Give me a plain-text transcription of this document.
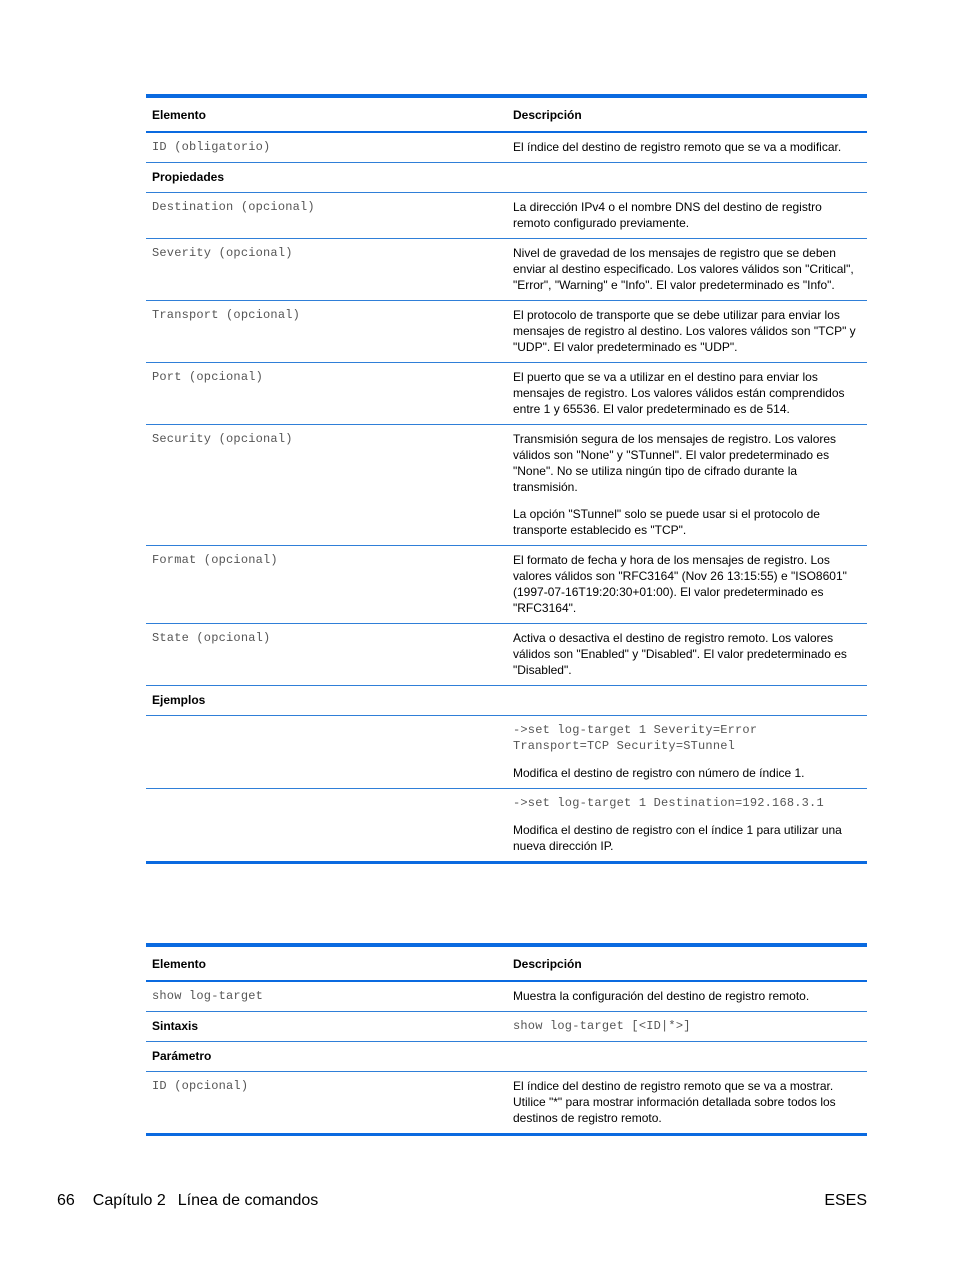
Elemento	Descripción
ID (obligatorio)	El índice del destino de registro remoto que se va a modificar.
Propiedades	
Destination (opcional)	La dirección IPv4 o el nombre DNS del destino de registro remoto configurado previamente.
Severity (opcional)	Nivel de gravedad de los mensajes de registro que se deben enviar al destino especificado. Los valores válidos son "Critical", "Error", "Warning" e "Info". El valor predeterminado es "Info".
Transport (opcional)	El protocolo de transporte que se debe utilizar para enviar los mensajes de registro al destino. Los valores válidos son "TCP" y "UDP". El valor predeterminado es "UDP".
Port (opcional)	El puerto que se va a utilizar en el destino para enviar los mensajes de registro. Los valores válidos están comprendidos entre 1 y 65536. El valor predeterminado es de 514.
Security (opcional)	Transmisión segura de los mensajes de registro. Los valores válidos son "None" y "STunnel". El valor predeterminado es "None". No se utiliza ningún tipo de cifrado durante la transmisión.

La opción "STunnel" solo se puede usar si el protocolo de transporte establecido es "TCP".

Format (opcional)	El formato de fecha y hora de los mensajes de registro. Los valores válidos son "RFC3164" (Nov 26 13:15:55) e "ISO8601" (1997-07-16T19:20:30+01:00). El valor predeterminado es "RFC3164".
State (opcional)	Activa o desactiva el destino de registro remoto. Los valores válidos son "Enabled" y "Disabled". El valor predeterminado es "Disabled".
Ejemplos	

	->set log-target 1 Severity=Error
Transport=TCP Security=STunnel

Modifica el destino de registro con número de índice 1.

	->set log-target 1 Destination=192.168.3.1

Modifica el destino de registro con el índice 1 para utilizar una nueva dirección IP.

Elemento	Descripción
show log-target	Muestra la configuración del destino de registro remoto.
Sintaxis	show log-target [<ID|*>]
Parámetro	
ID (opcional)	El índice del destino de registro remoto que se va a mostrar. Utilice "*" para mostrar información detallada sobre todos los destinos de registro remoto.
66 Capítulo 2 Línea de comandos	ESES
